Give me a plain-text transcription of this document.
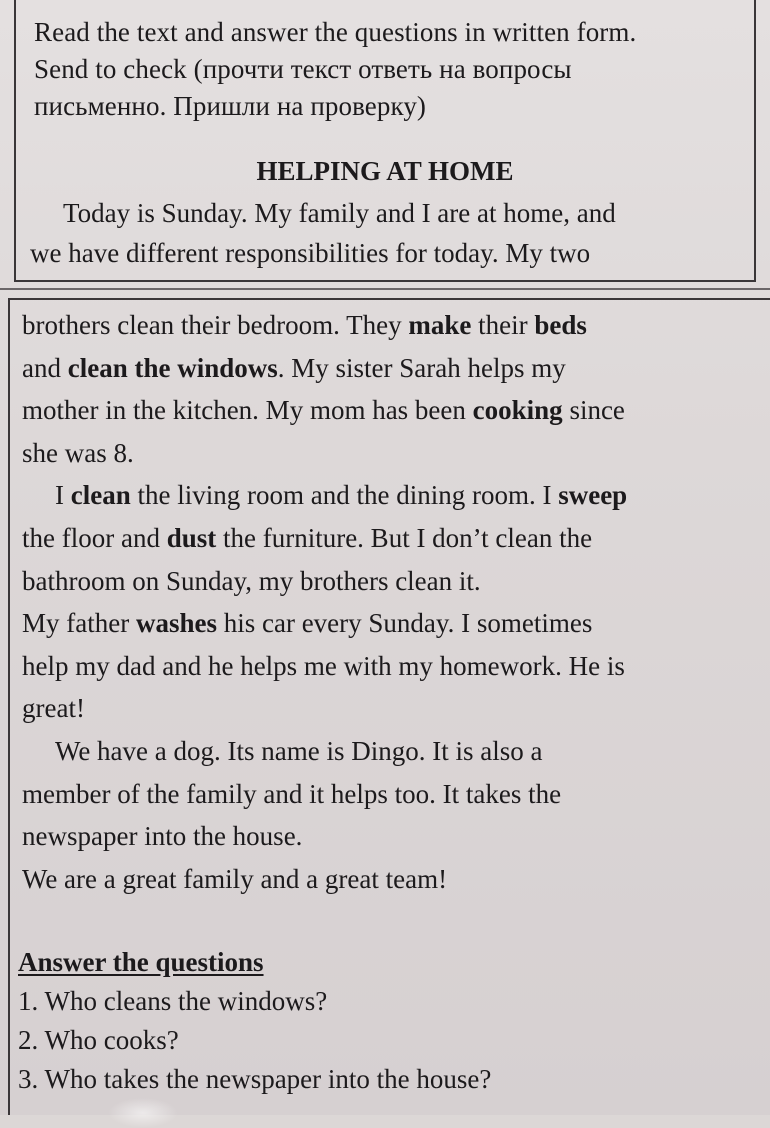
Read the text and answer the questions in written form.
Send to check (прочти текст ответь на вопросы
письменно. Пришли на проверку)
HELPING AT HOME
Today is Sunday. My family and I are at home, and
we have different responsibilities for today. My two
brothers clean their bedroom. They make their beds
and clean the windows. My sister Sarah helps my
mother in the kitchen. My mom has been cooking since
she was 8.
I clean the living room and the dining room. I sweep
the floor and dust the furniture. But I don’t clean the
bathroom on Sunday, my brothers clean it.
My father washes his car every Sunday. I sometimes
help my dad and he helps me with my homework. He is
great!
We have a dog. Its name is Dingo. It is also a
member of the family and it helps too. It takes the
newspaper into the house.
We are a great family and a great team!
Answer the questions
1. Who cleans the windows?
2. Who cooks?
3. Who takes the newspaper into the house?
